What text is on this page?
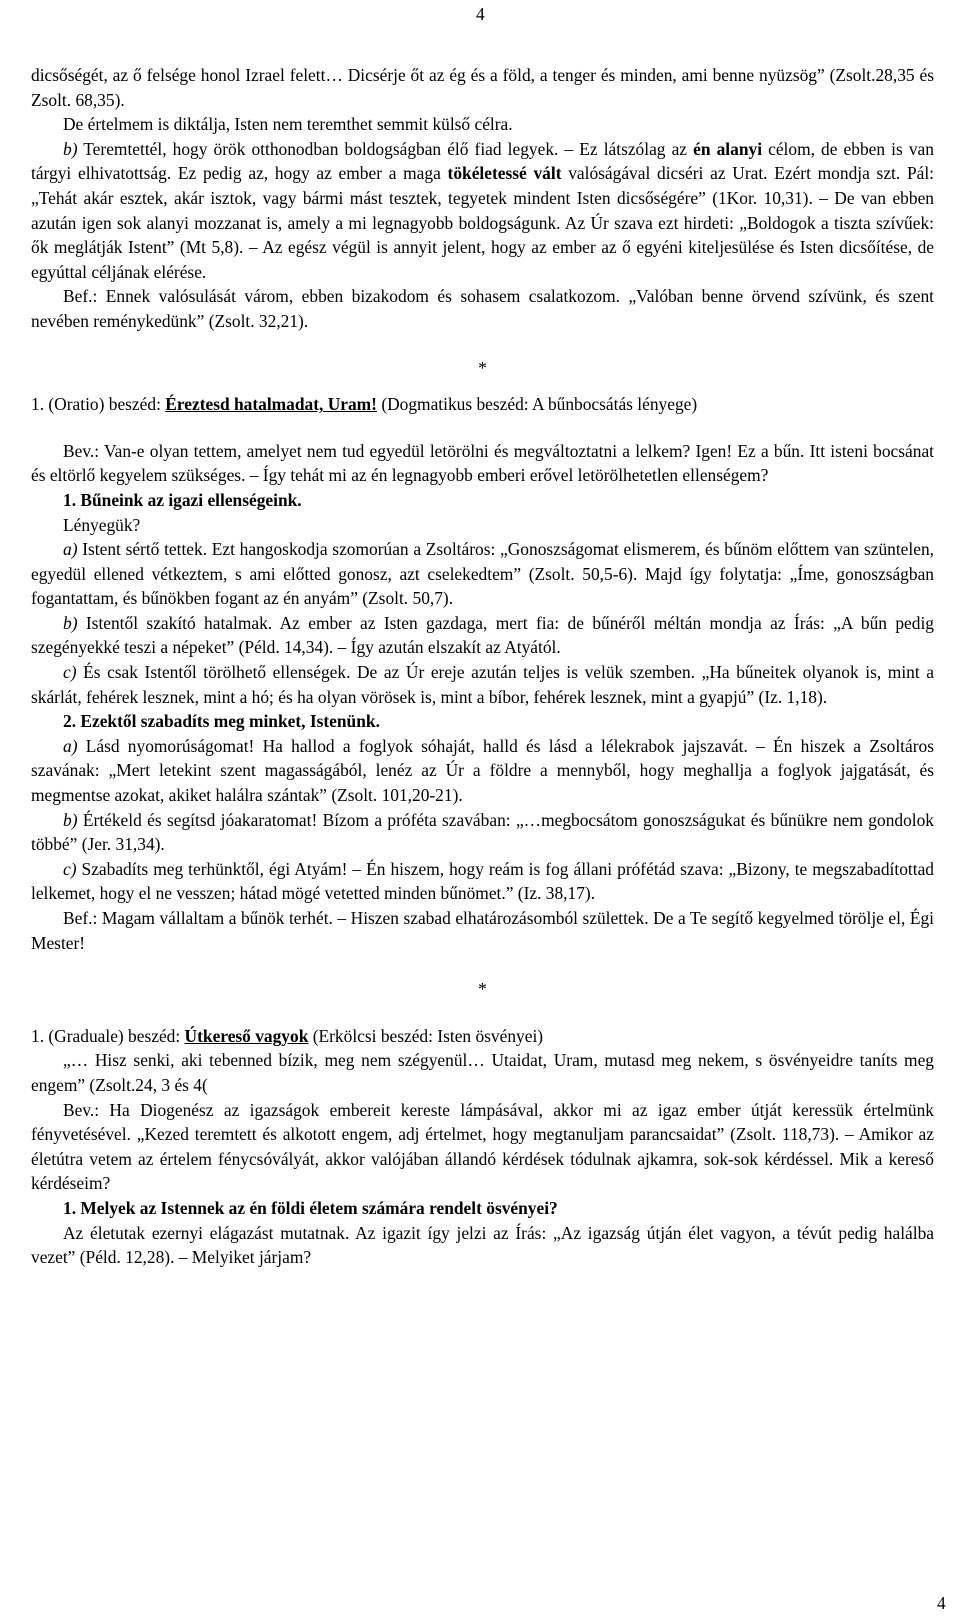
4

dicsőségét, az ő felsége honol Izrael felett… Dicsérje őt az ég és a föld, a tenger és minden, ami benne nyüzsög” (Zsolt.28,35 és Zsolt. 68,35).

De értelmem is diktálja, Isten nem teremthet semmit külső célra.

b) Teremtettél, hogy örök otthonodban boldogságban élő fiad legyek. – Ez látszólag az én alanyi célom, de ebben is van tárgyi elhivatottság. Ez pedig az, hogy az ember a maga tökéletessé vált valóságával dicséri az Urat. Ezért mondja szt. Pál: „Tehát akár esztek, akár isztok, vagy bármi mást tesztek, tegyetek mindent Isten dicsőségére” (1Kor. 10,31). – De van ebben azután igen sok alanyi mozzanat is, amely a mi legnagyobb boldogságunk. Az Úr szava ezt hirdeti: „Boldogok a tiszta szívűek: ők meglátják Istent” (Mt 5,8). – Az egész végül is annyit jelent, hogy az ember az ő egyéni kiteljesülése és Isten dicsőítése, de egyúttal céljának elérése.

Bef.: Ennek valósulását várom, ebben bizakodom és sohasem csalatkozom. „Valóban benne örvend szívünk, és szent nevében reménykedünk” (Zsolt. 32,21).

*

1. (Oratio) beszéd: Éreztesd hatalmadat, Uram! (Dogmatikus beszéd: A bűnbocsátás lényege)

Bev.: Van-e olyan tettem, amelyet nem tud egyedül letörölni és megváltoztatni a lelkem? Igen! Ez a bűn. Itt isteni bocsánat és eltörlő kegyelem szükséges. – Így tehát mi az én legnagyobb emberi erővel letörölhetetlen ellenségem?

1. Bűneink az igazi ellenségeink.

Lényegük?

a) Istent sértő tettek. Ezt hangoskodja szomorúan a Zsoltáros: „Gonoszságomat elismerem, és bűnöm előttem van szüntelen, egyedül ellened vétkeztem, s ami előtted gonosz, azt cselekedtem” (Zsolt. 50,5-6). Majd így folytatja: „Íme, gonoszságban fogantattam, és bűnökben fogant az én anyám” (Zsolt. 50,7).

b) Istentől szakító hatalmak. Az ember az Isten gazdaga, mert fia: de bűnéről méltán mondja az Írás: „A bűn pedig szegényekké teszi a népeket” (Péld. 14,34). – Így azután elszakít az Atyától.

c) És csak Istentől törölhető ellenségek. De az Úr ereje azután teljes is velük szemben. „Ha bűneitek olyanok is, mint a skárlát, fehérek lesznek, mint a hó; és ha olyan vörösek is, mint a bíbor, fehérek lesznek, mint a gyapjú” (Iz. 1,18).

2. Ezektől szabadíts meg minket, Istenünk.

a) Lásd nyomorúságomat! Ha hallod a foglyok sóhaját, halld és lásd a lélekrabok jajszavát. – Én hiszek a Zsoltáros szavának: „Mert letekint szent magasságából, lenéz az Úr a földre a mennyből, hogy meghallja a foglyok jajgatását, és megmentse azokat, akiket halálra szántak” (Zsolt. 101,20-21).

b) Értékeld és segítsd jóakaratomat! Bízom a próféta szavában: „…megbocsátom gonoszságukat és bűnükre nem gondolok többé” (Jer. 31,34).

c) Szabadíts meg terhünktől, égi Atyám! – Én hiszem, hogy reám is fog állani prófétád szava: „Bizony, te megszabadítottad lelkemet, hogy el ne vesszen; hátad mögé vetetted minden bűnömet.” (Iz. 38,17).

Bef.: Magam vállaltam a bűnök terhét. – Hiszen szabad elhatározásomból születtek. De a Te segítő kegyelmed törölje el, Égi Mester!

*

1. (Graduale) beszéd: Útkereső vagyok (Erkölcsi beszéd: Isten ösvényei)

„… Hisz senki, aki tebenned bízik, meg nem szégyenül… Utaidat, Uram, mutasd meg nekem, s ösvényeidre taníts meg engem” (Zsolt.24, 3 és 4(

Bev.: Ha Diogenész az igazságok embereit kereste lámpásával, akkor mi az igaz ember útját keressük értelmünk fényvetésével. „Kezed teremtett és alkotott engem, adj értelmet, hogy megtanuljam parancsaidat” (Zsolt. 118,73). – Amikor az életútra vetem az értelem fénycsóvályát, akkor valójában állandó kérdések tódulnak ajkamra, sok-sok kérdéssel. Mik a kereső kérdéseim?

1. Melyek az Istennek az én földi életem számára rendelt ösvényei?

Az életutak ezernyi elágazást mutatnak. Az igazit így jelzi az Írás: „Az igazság útján élet vagyon, a tévút pedig halálba vezet” (Péld. 12,28). – Melyiket járjam?

4
